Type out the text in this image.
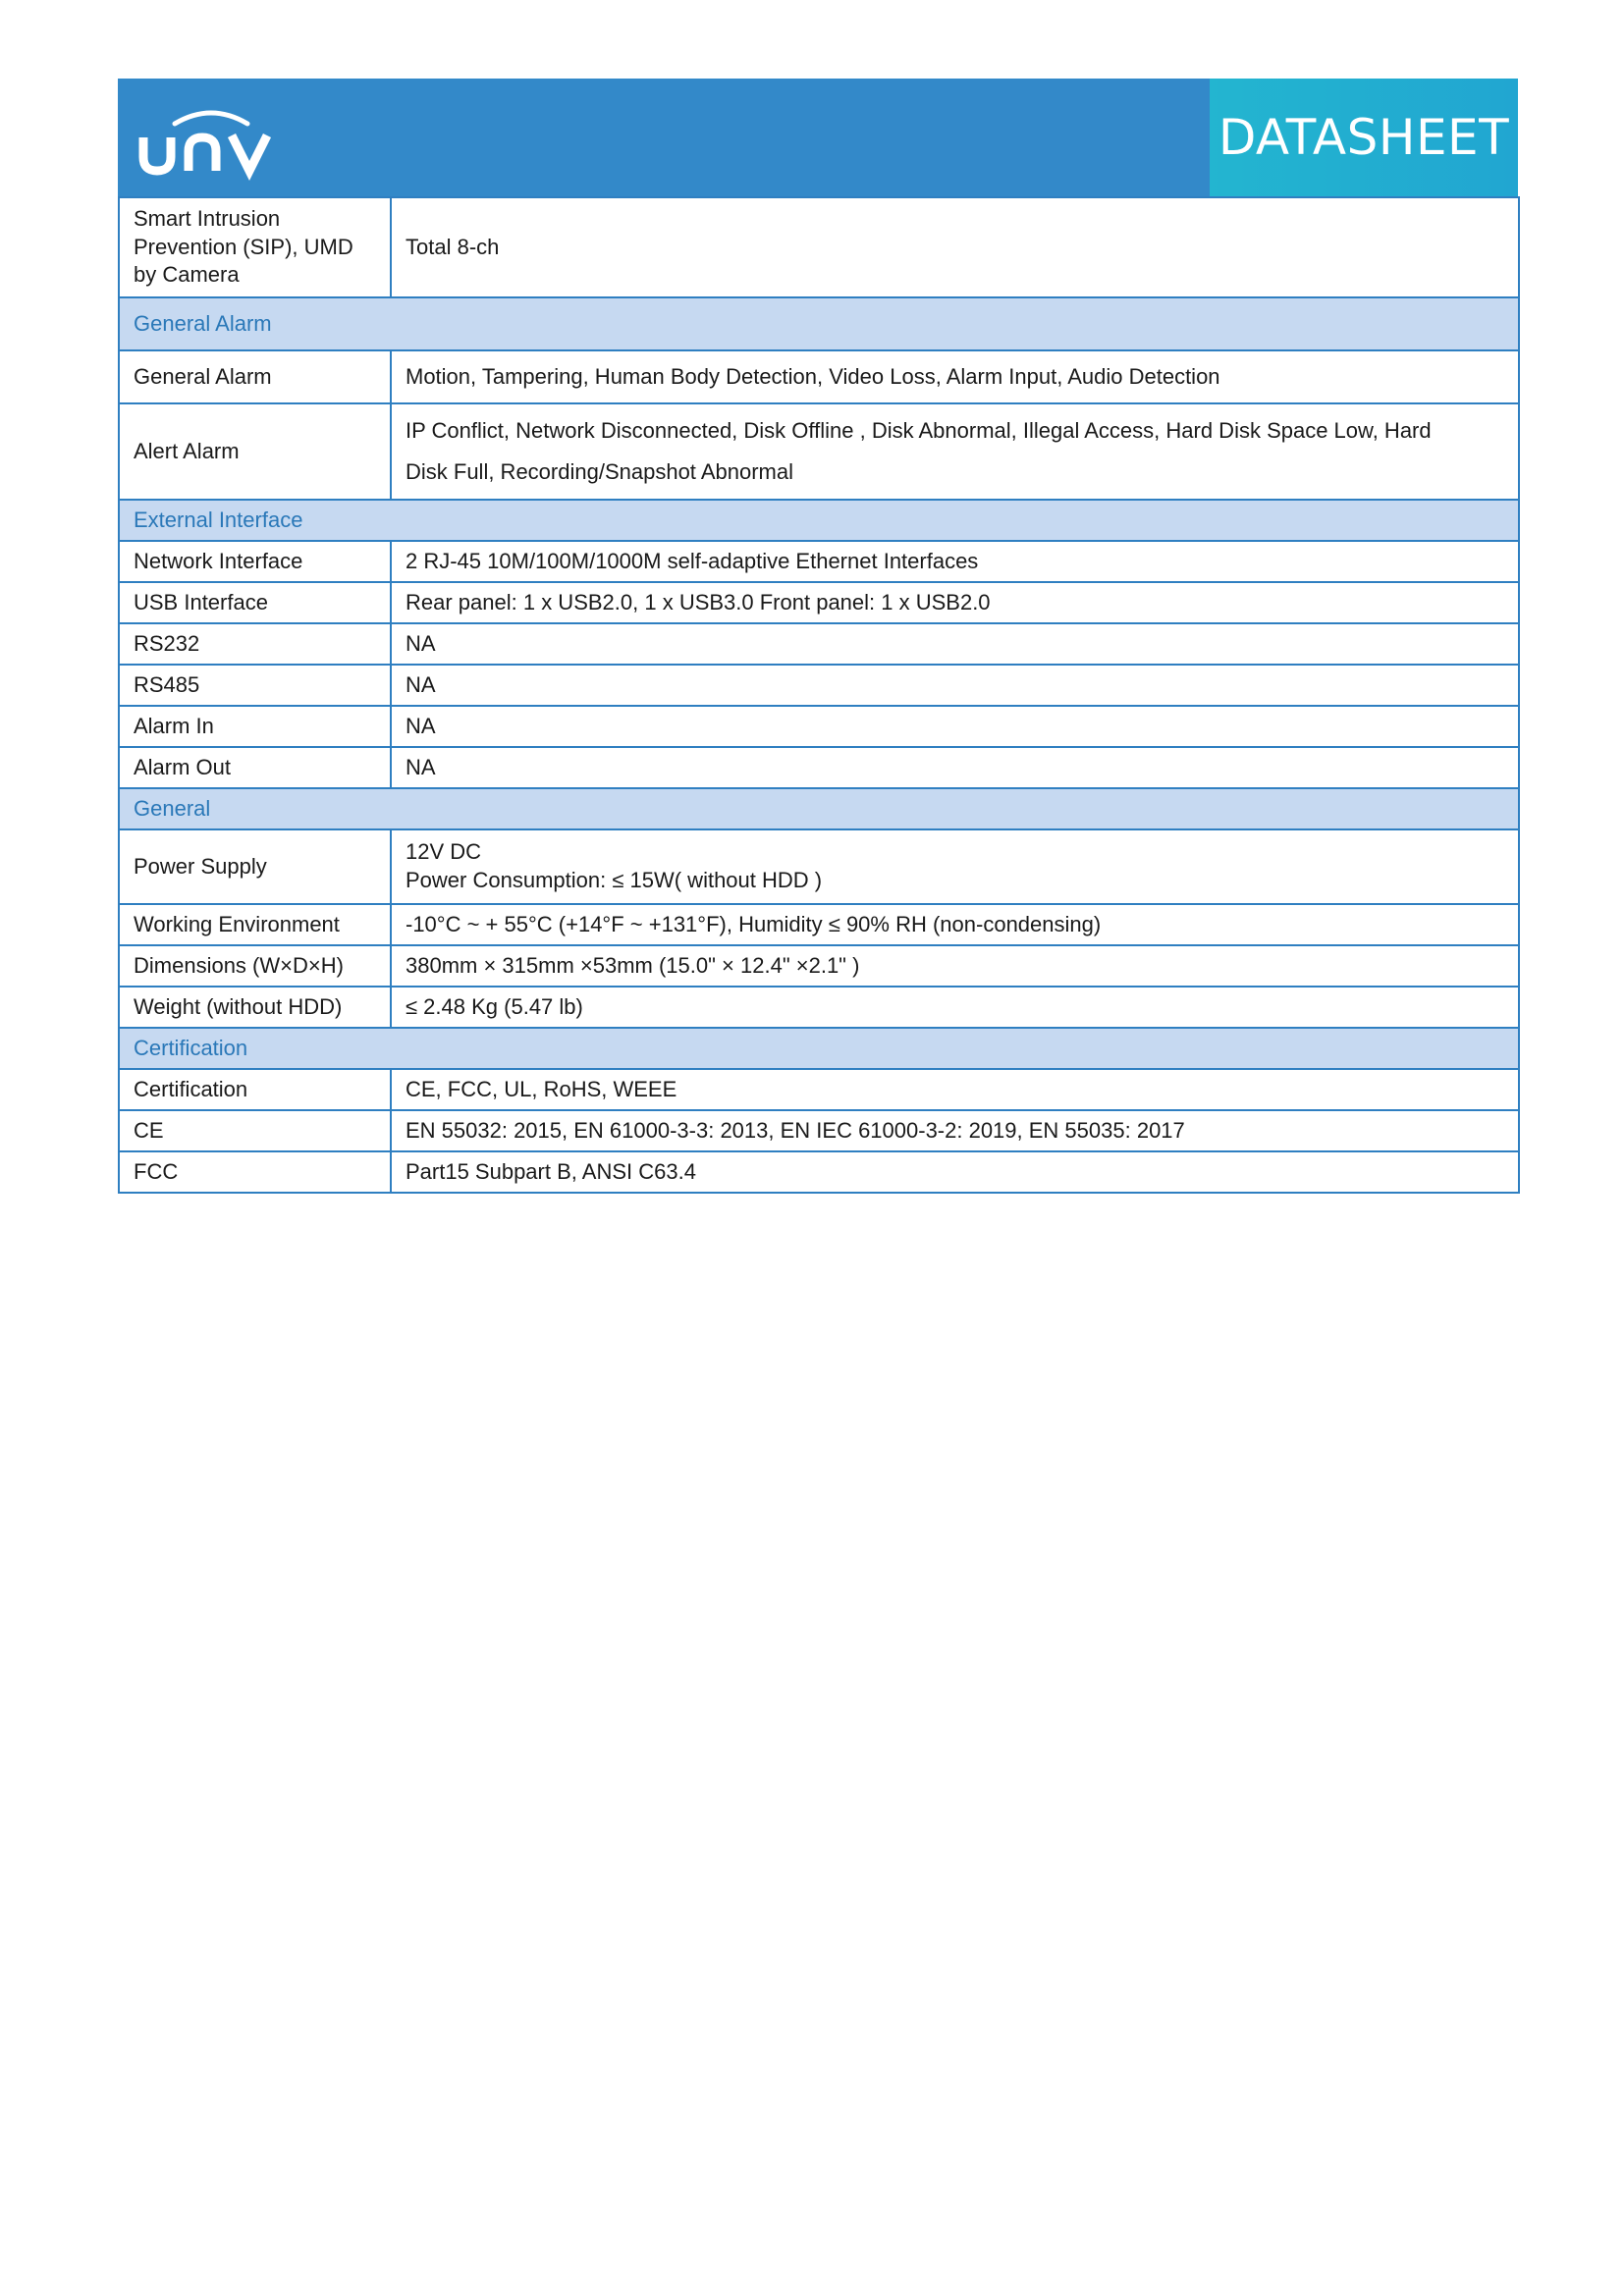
DATASHEET
Smart Intrusion
Prevention (SIP), UMD
by Camera	Total 8-ch
General Alarm	
General Alarm	Motion, Tampering, Human Body Detection, Video Loss, Alarm Input, Audio Detection
Alert Alarm	IP Conflict, Network Disconnected, Disk Offline , Disk Abnormal, Illegal Access, Hard Disk Space Low, Hard
Disk Full, Recording/Snapshot Abnormal

External Interface	
Network Interface	2 RJ-45 10M/100M/1000M self-adaptive Ethernet Interfaces
USB Interface	Rear panel: 1 x USB2.0, 1 x USB3.0 Front panel: 1 x USB2.0
RS232	NA
RS485	NA
Alarm In	NA
Alarm Out	NA
General	
Power Supply	12V DC
Power Consumption: ≤ 15W( without HDD )

Working Environment	-10°C ~ + 55°C (+14°F ~ +131°F), Humidity ≤ 90% RH (non-condensing)
Dimensions (W×D×H)	380mm × 315mm ×53mm (15.0" × 12.4" ×2.1" )
Weight (without HDD)	≤ 2.48 Kg (5.47 lb)
Certification	
Certification	CE, FCC, UL, RoHS, WEEE
CE	EN 55032: 2015, EN 61000-3-3: 2013, EN IEC 61000-3-2: 2019, EN 55035: 2017
FCC	Part15 Subpart B, ANSI C63.4
